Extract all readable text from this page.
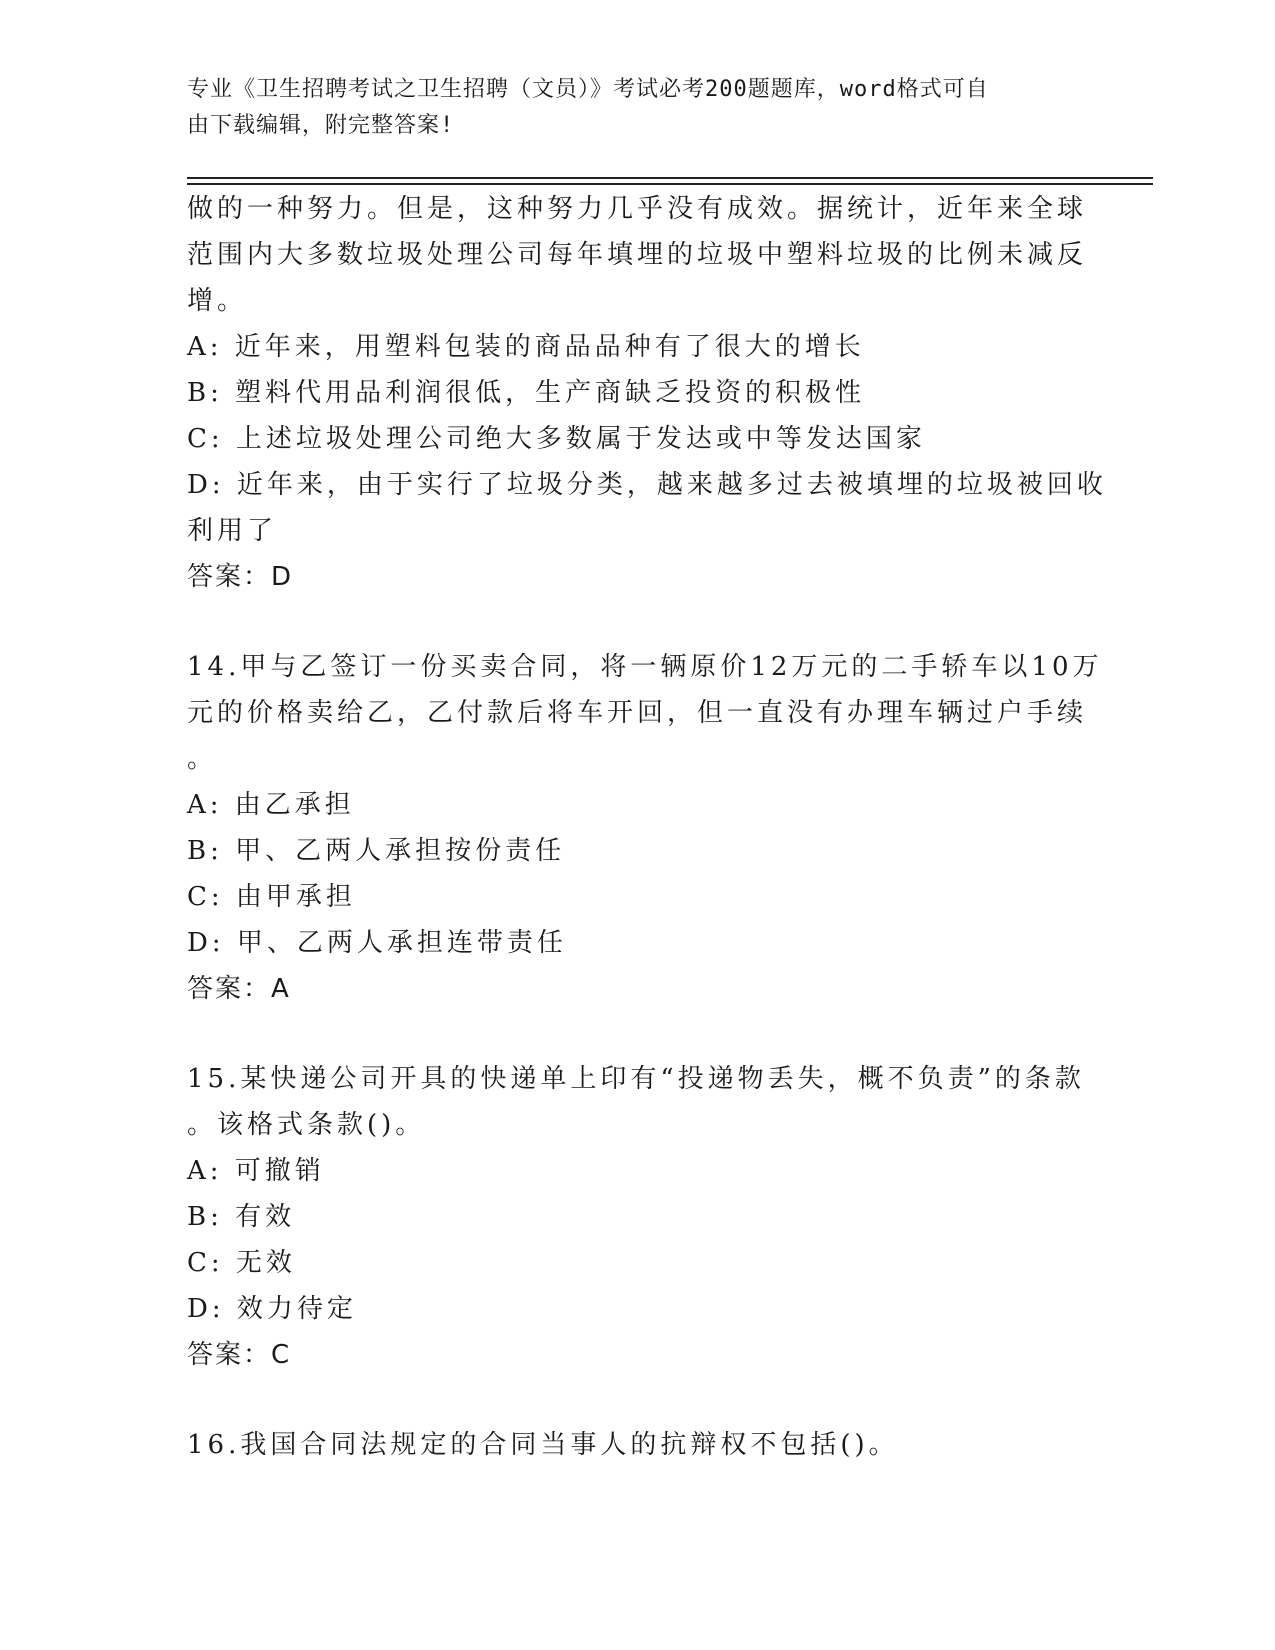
专业《卫生招聘考试之卫生招聘（文员）》考试必考200题题库，word格式可自
由下载编辑，附完整答案!
做的一种努力。但是，这种努力几乎没有成效。据统计，近年来全球
范围内大多数垃圾处理公司每年填埋的垃圾中塑料垃圾的比例未减反
增。
A: 近年来，用塑料包装的商品品种有了很大的增长
B: 塑料代用品利润很低，生产商缺乏投资的积极性
C: 上述垃圾处理公司绝大多数属于发达或中等发达国家
D: 近年来，由于实行了垃圾分类，越来越多过去被填埋的垃圾被回收
利用了
答案：D
14.甲与乙签订一份买卖合同，将一辆原价12万元的二手轿车以10万
元的价格卖给乙，乙付款后将车开回，但一直没有办理车辆过户手续
。
A: 由乙承担
B: 甲、乙两人承担按份责任
C: 由甲承担
D: 甲、乙两人承担连带责任
答案：A
15.某快递公司开具的快递单上印有“投递物丢失，概不负责”的条款
。该格式条款()。
A: 可撤销
B: 有效
C: 无效
D: 效力待定
答案：C
16.我国合同法规定的合同当事人的抗辩权不包括()。
